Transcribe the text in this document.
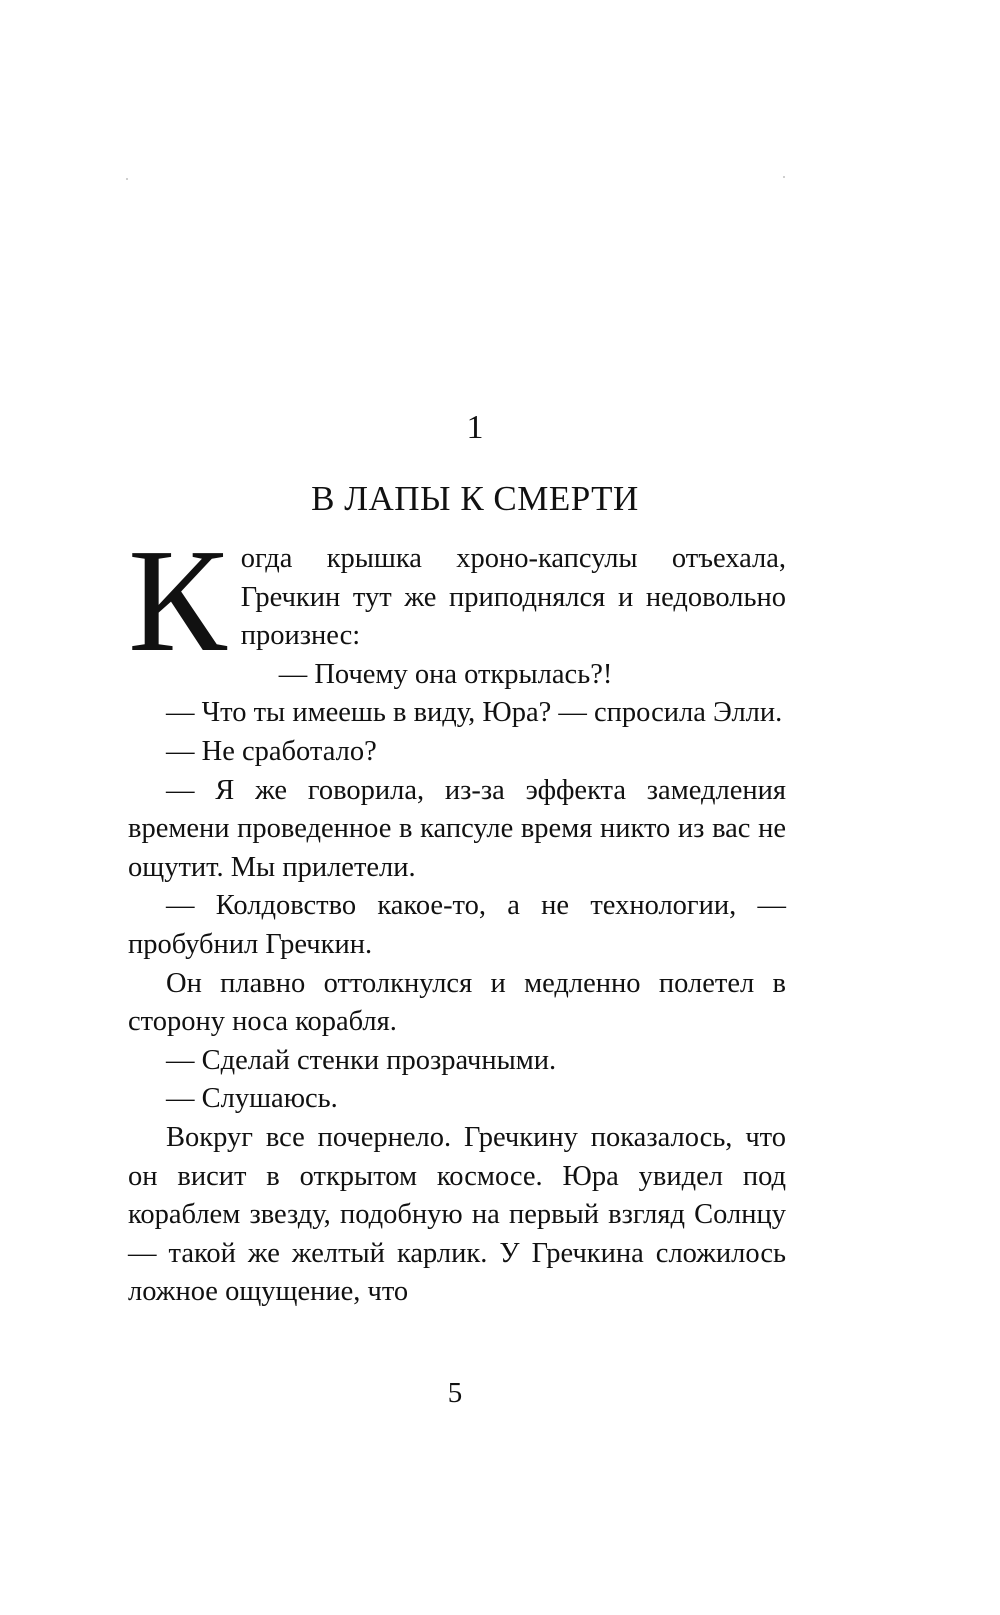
1
В ЛАПЫ К СМЕРТИ

Когда крышка хроно-капсулы отъехала, Гречкин тут же приподнялся и недовольно произнес:

— Почему она открылась?!

— Что ты имеешь в виду, Юра? — спросила Элли.

— Не сработало?

— Я же говорила, из-за эффекта замедления времени проведенное в капсуле время никто из вас не ощутит. Мы прилетели.

— Колдовство какое-то, а не технологии, — пробубнил Гречкин.

Он плавно оттолкнулся и медленно полетел в сторону носа корабля.

— Сделай стенки прозрачными.

— Слушаюсь.

Вокруг все почернело. Гречкину показалось, что он висит в открытом космосе. Юра увидел под кораблем звезду, подобную на первый взгляд Солнцу — такой же желтый карлик. У Гречкина сложилось ложное ощущение, что

5
